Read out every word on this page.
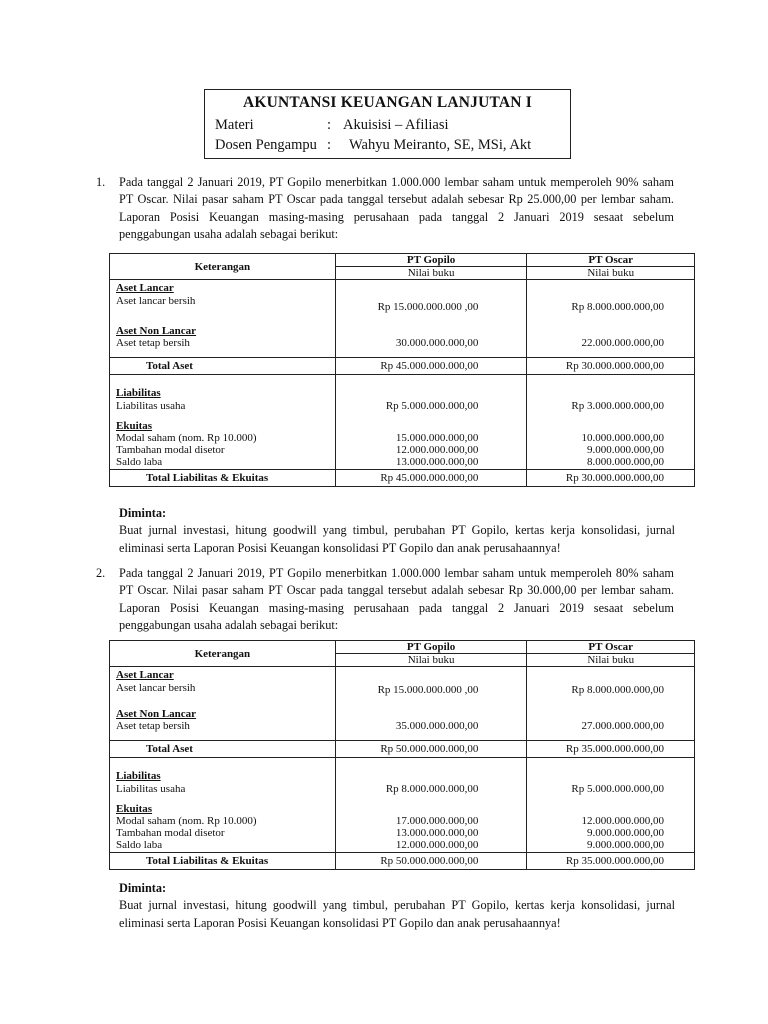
AKUNTANSI KEUANGAN LANJUTAN I
Materi	: Akuisisi – Afiliasi
Dosen Pengampu :	Wahyu Meiranto, SE, MSi, Akt
1. Pada tanggal 2 Januari 2019, PT Gopilo menerbitkan 1.000.000 lembar saham untuk memperoleh 90% saham PT Oscar. Nilai pasar saham PT Oscar pada tanggal tersebut adalah sebesar Rp 25.000,00 per lembar saham. Laporan Posisi Keuangan masing-masing perusahaan pada tanggal 2 Januari 2019 sesaat sebelum penggabungan usaha adalah sebagai berikut:
Keterangan	PT Gopilo	PT Oscar
	Nilai buku	Nilai buku
Aset Lancar		
Aset lancar bersih	Rp 15.000.000.000 ,00	Rp 8.000.000.000,00
Aset Non Lancar		
Aset tetap bersih	30.000.000.000,00	22.000.000.000,00
Total Aset	Rp 45.000.000.000,00	Rp 30.000.000.000,00
Liabilitas		
Liabilitas usaha	Rp 5.000.000.000,00	Rp 3.000.000.000,00
Ekuitas		
Modal saham (nom. Rp 10.000)	15.000.000.000,00	10.000.000.000,00
Tambahan modal disetor	12.000.000.000,00	9.000.000.000,00
Saldo laba	13.000.000.000,00	8.000.000.000,00
Total Liabilitas & Ekuitas	Rp 45.000.000.000,00	Rp 30.000.000.000,00
Diminta:
Buat jurnal investasi, hitung goodwill yang timbul, perubahan PT Gopilo, kertas kerja konsolidasi, jurnal eliminasi serta Laporan Posisi Keuangan konsolidasi PT Gopilo dan anak perusahaannya!
2. Pada tanggal 2 Januari 2019, PT Gopilo menerbitkan 1.000.000 lembar saham untuk memperoleh 80% saham PT Oscar. Nilai pasar saham PT Oscar pada tanggal tersebut adalah sebesar Rp 30.000,00 per lembar saham. Laporan Posisi Keuangan masing-masing perusahaan pada tanggal 2 Januari 2019 sesaat sebelum penggabungan usaha adalah sebagai berikut:
Keterangan	PT Gopilo	PT Oscar
	Nilai buku	Nilai buku
Aset Lancar		
Aset lancar bersih	Rp 15.000.000.000 ,00	Rp 8.000.000.000,00
Aset Non Lancar		
Aset tetap bersih	35.000.000.000,00	27.000.000.000,00
Total Aset	Rp 50.000.000.000,00	Rp 35.000.000.000,00
Liabilitas		
Liabilitas usaha	Rp 8.000.000.000,00	Rp 5.000.000.000,00
Ekuitas		
Modal saham (nom. Rp 10.000)	17.000.000.000,00	12.000.000.000,00
Tambahan modal disetor	13.000.000.000,00	9.000.000.000,00
Saldo laba	12.000.000.000,00	9.000.000.000,00
Total Liabilitas & Ekuitas	Rp 50.000.000.000,00	Rp 35.000.000.000,00
Diminta:
Buat jurnal investasi, hitung goodwill yang timbul, perubahan PT Gopilo, kertas kerja konsolidasi, jurnal eliminasi serta Laporan Posisi Keuangan konsolidasi PT Gopilo dan anak perusahaannya!
